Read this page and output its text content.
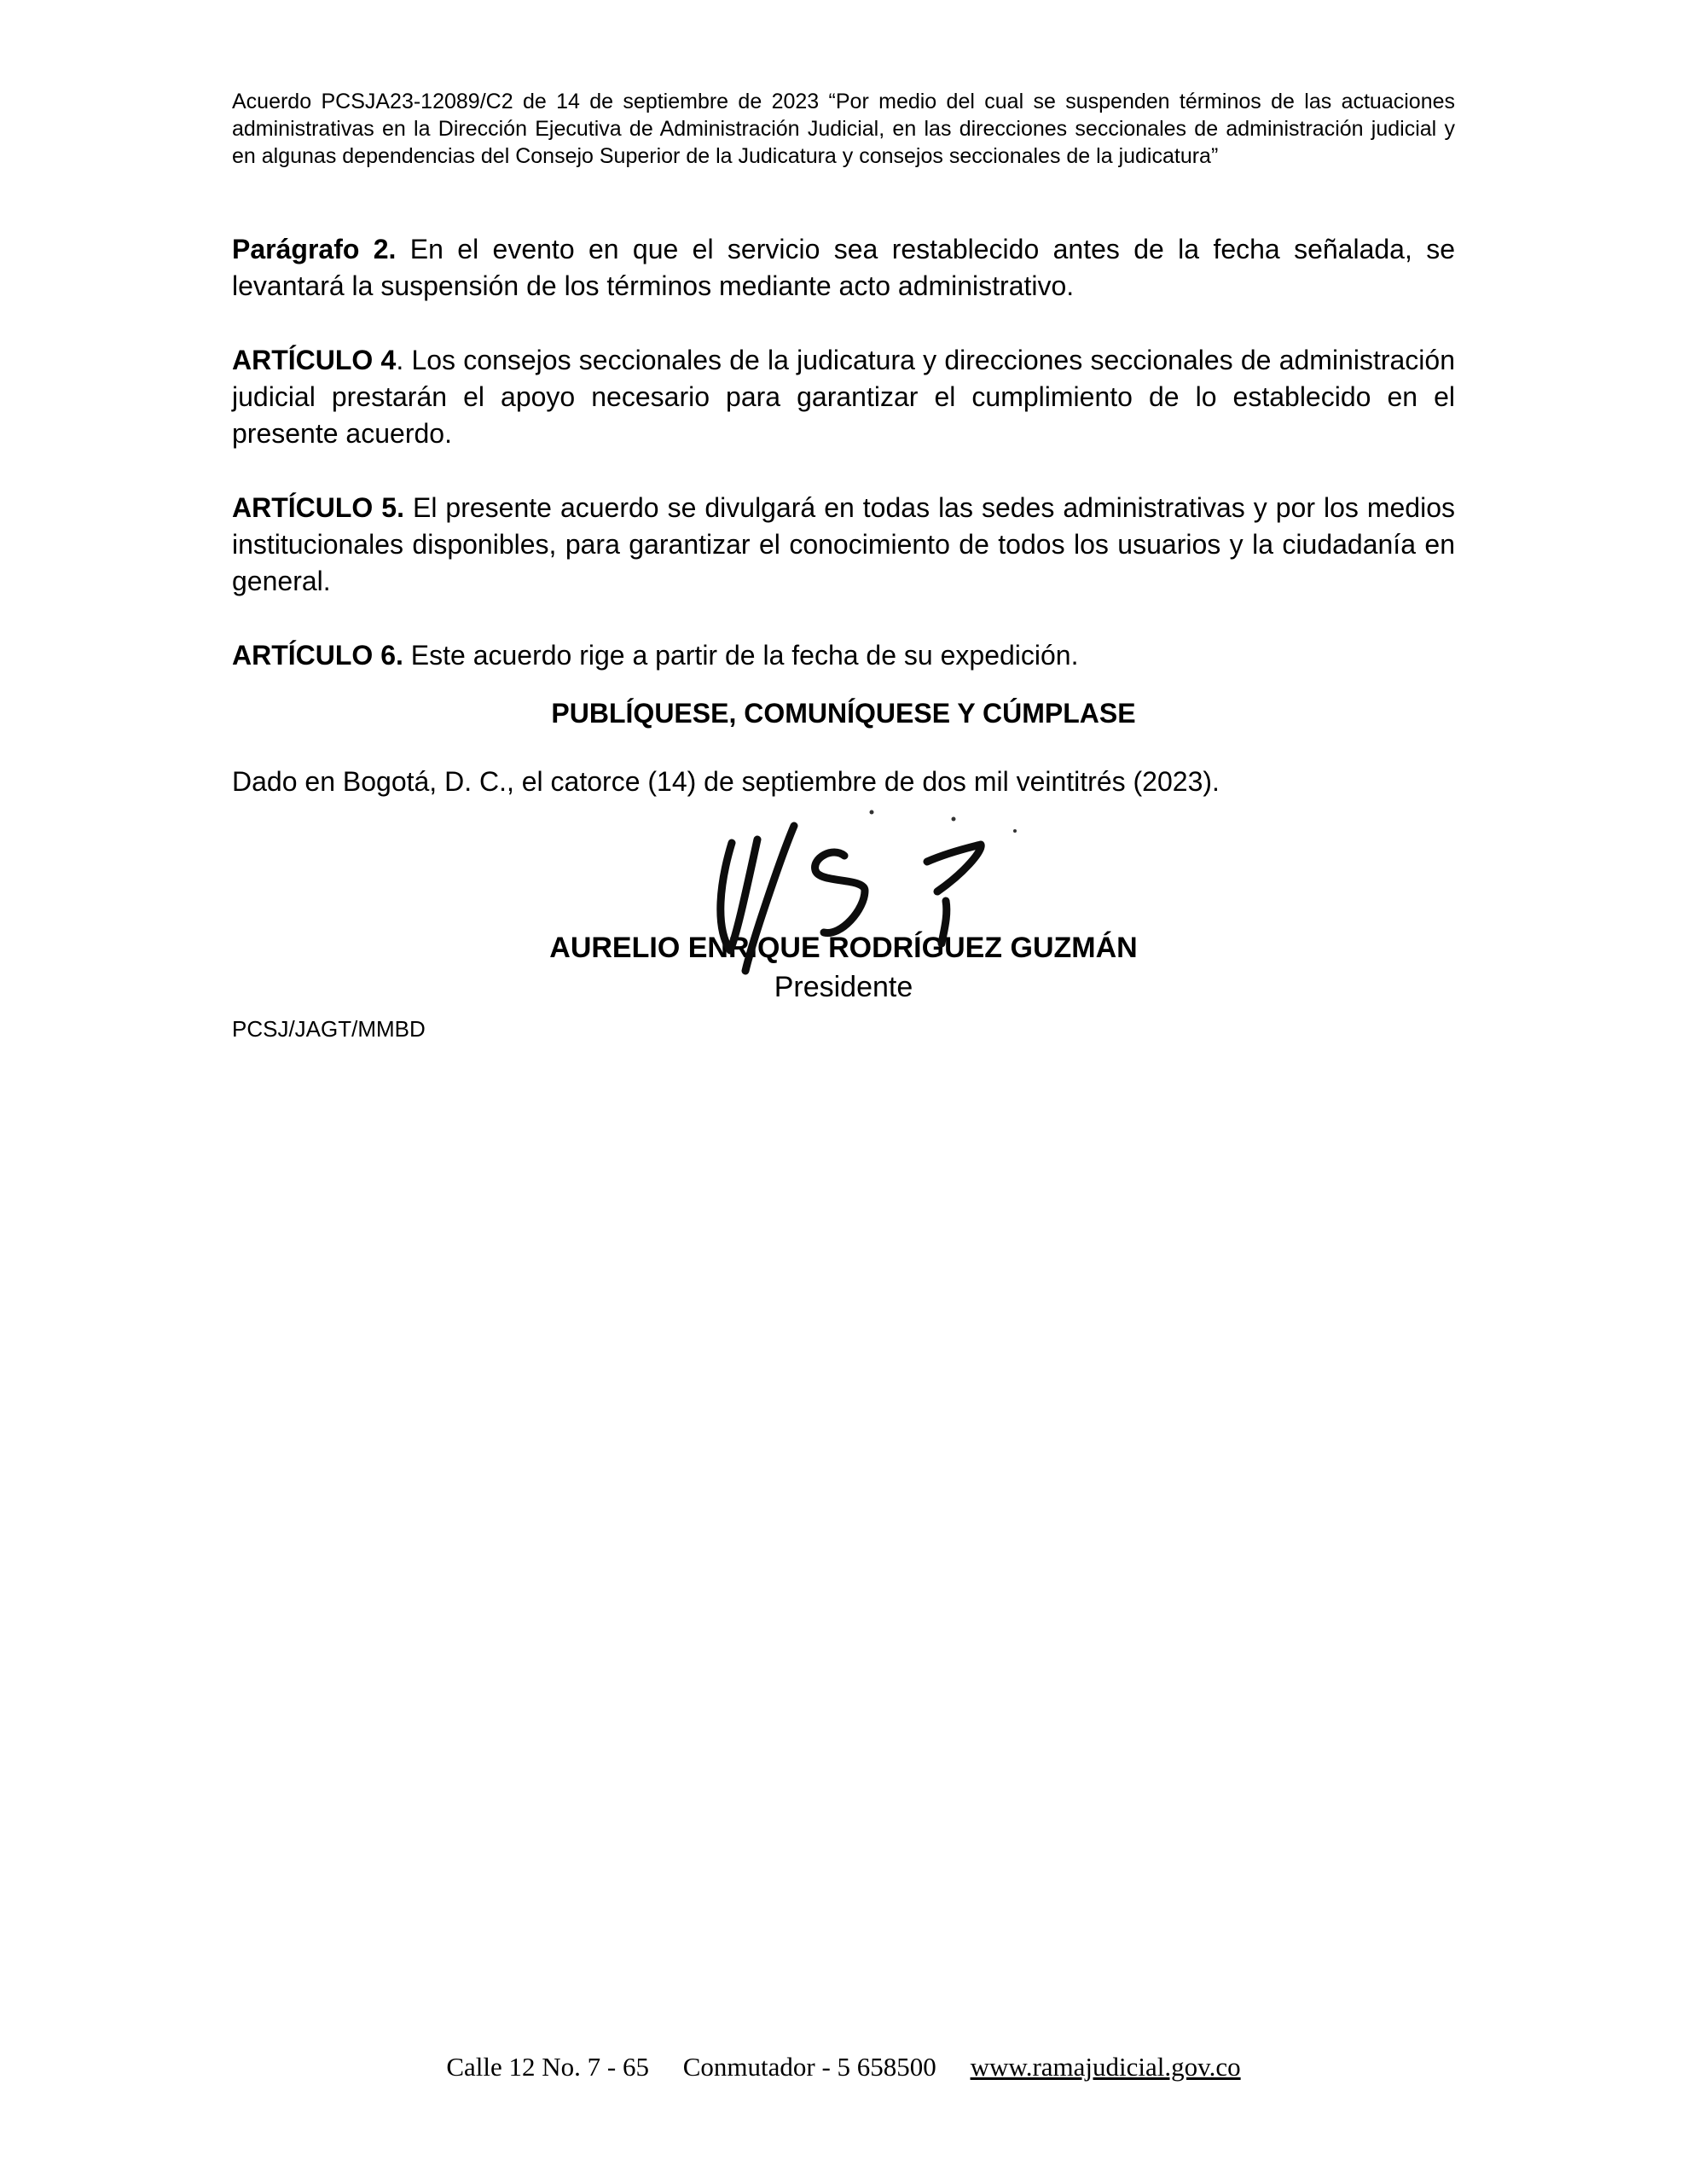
Acuerdo PCSJA23-12089/C2 de 14 de septiembre de 2023 “Por medio del cual se suspenden términos de las actuaciones administrativas en la Dirección Ejecutiva de Administración Judicial, en las direcciones seccionales de administración judicial y en algunas dependencias del Consejo Superior de la Judicatura y consejos seccionales de la judicatura”

Parágrafo 2. En el evento en que el servicio sea restablecido antes de la fecha señalada, se levantará la suspensión de los términos mediante acto administrativo.

ARTÍCULO 4. Los consejos seccionales de la judicatura y direcciones seccionales de administración judicial prestarán el apoyo necesario para garantizar el cumplimiento de lo establecido en el presente acuerdo.

ARTÍCULO 5. El presente acuerdo se divulgará en todas las sedes administrativas y por los medios institucionales disponibles, para garantizar el conocimiento de todos los usuarios y la ciudadanía en general.

ARTÍCULO 6. Este acuerdo rige a partir de la fecha de su expedición.

PUBLÍQUESE, COMUNÍQUESE Y CÚMPLASE

Dado en Bogotá, D. C., el catorce (14) de septiembre de dos mil veintitrés (2023).

AURELIO ENRIQUE RODRÍGUEZ GUZMÁN
Presidente
PCSJ/JAGT/MMBD
Calle 12 No. 7 - 65 Conmutador - 5 658500 www.ramajudicial.gov.co
